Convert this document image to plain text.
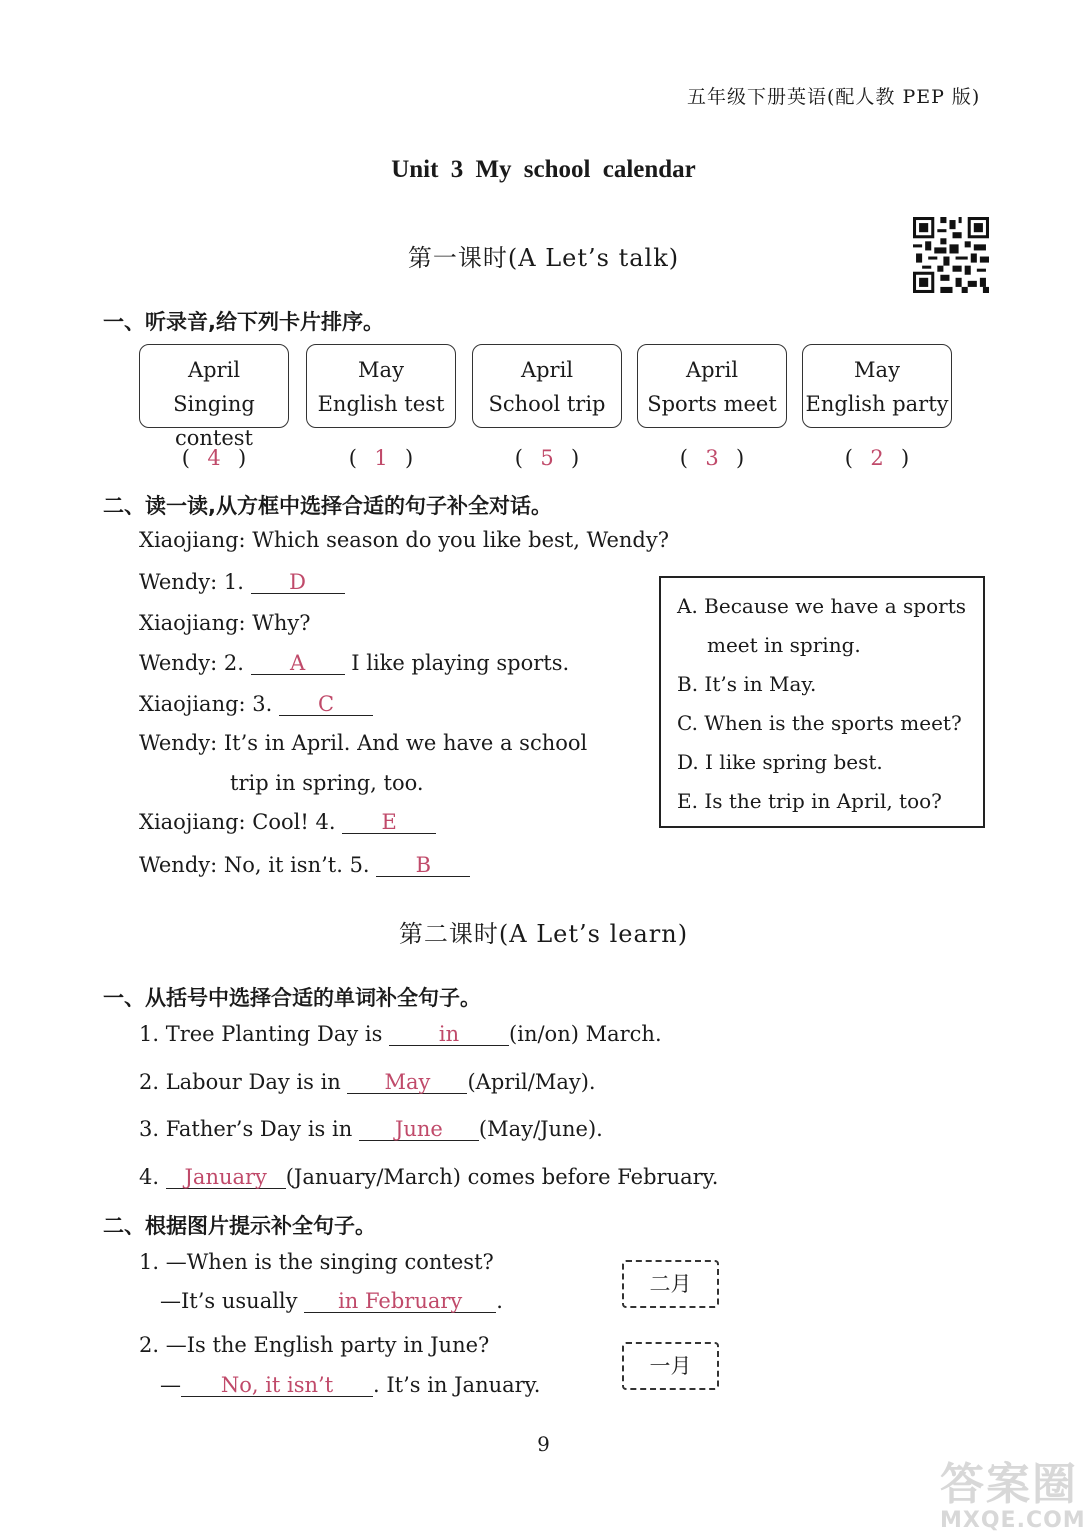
五年级下册英语(配人教 PEP 版)
Unit 3 My school calendar
第一课时(A Let’s talk)
一、听录音,给下列卡片排序。
April
Singing contest
May
English test
April
School trip
April
Sports meet
May
English party
( 4 )	( 1 )	( 5 )	( 3 )	( 2 )
二、读一读,从方框中选择合适的句子补全对话。
Xiaojiang: Which season do you like best, Wendy?
Wendy: 1. D
Xiaojiang: Why?
Wendy: 2. A I like playing sports.
Xiaojiang: 3. C
Wendy: It’s in April. And we have a school
trip in spring, too.
Xiaojiang: Cool! 4. E
Wendy: No, it isn’t. 5. B
A. Because we have a sports
meet in spring.
B. It’s in May.
C. When is the sports meet?
D. I like spring best.
E. Is the trip in April, too?
第二课时(A Let’s learn)
一、从括号中选择合适的单词补全句子。
1. Tree Planting Day is in (in/on) March.
2. Labour Day is in May (April/May).
3. Father’s Day is in June (May/June).
4. January (January/March) comes before February.
二、根据图片提示补全句子。
1. —When is the singing contest?
—It’s usually in February .
二月
2. —Is the English party in June?
— No, it isn’t . It’s in January.
一月
9
答案圈
MXQE.COM
